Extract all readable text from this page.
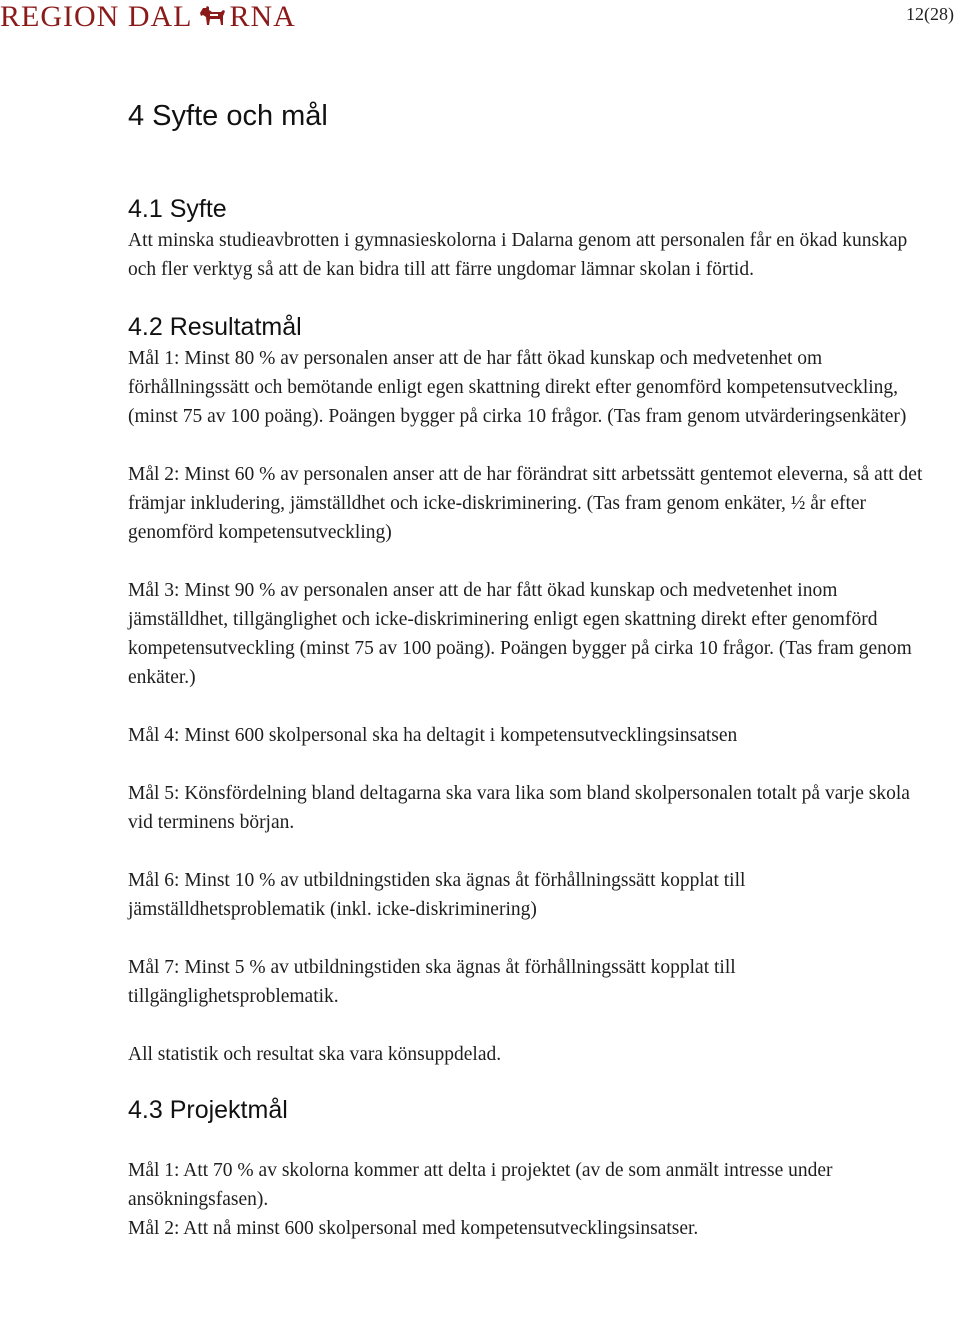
REGION DAL RNA	12(28)
4 Syfte och mål
4.1 Syfte

Att minska studieavbrotten i gymnasieskolorna i Dalarna genom att personalen får en ökad kunskap och fler verktyg så att de kan bidra till att färre ungdomar lämnar skolan i förtid.

4.2 Resultatmål

Mål 1: Minst 80 % av personalen anser att de har fått ökad kunskap och medvetenhet om förhållningssätt och bemötande enligt egen skattning direkt efter genomförd kompetensutveckling, (minst 75 av 100 poäng). Poängen bygger på cirka 10 frågor. (Tas fram genom utvärderingsenkäter)

Mål 2: Minst 60 % av personalen anser att de har förändrat sitt arbetssätt gentemot eleverna, så att det främjar inkludering, jämställdhet och icke-diskriminering. (Tas fram genom enkäter, ½ år efter genomförd kompetensutveckling)

Mål 3: Minst 90 % av personalen anser att de har fått ökad kunskap och medvetenhet inom jämställdhet, tillgänglighet och icke-diskriminering enligt egen skattning direkt efter genomförd kompetensutveckling (minst 75 av 100 poäng). Poängen bygger på cirka 10 frågor. (Tas fram genom enkäter.)

Mål 4: Minst 600 skolpersonal ska ha deltagit i kompetensutvecklingsinsatsen

Mål 5: Könsfördelning bland deltagarna ska vara lika som bland skolpersonalen totalt på varje skola vid terminens början.

Mål 6: Minst 10 % av utbildningstiden ska ägnas åt förhållningssätt kopplat till jämställdhetsproblematik (inkl. icke-diskriminering)

Mål 7: Minst 5 % av utbildningstiden ska ägnas åt förhållningssätt kopplat till tillgänglighetsproblematik.

All statistik och resultat ska vara könsuppdelad.

4.3 Projektmål

Mål 1: Att 70 % av skolorna kommer att delta i projektet (av de som anmält intresse under ansökningsfasen).

Mål 2: Att nå minst 600 skolpersonal med kompetensutvecklingsinsatser.
